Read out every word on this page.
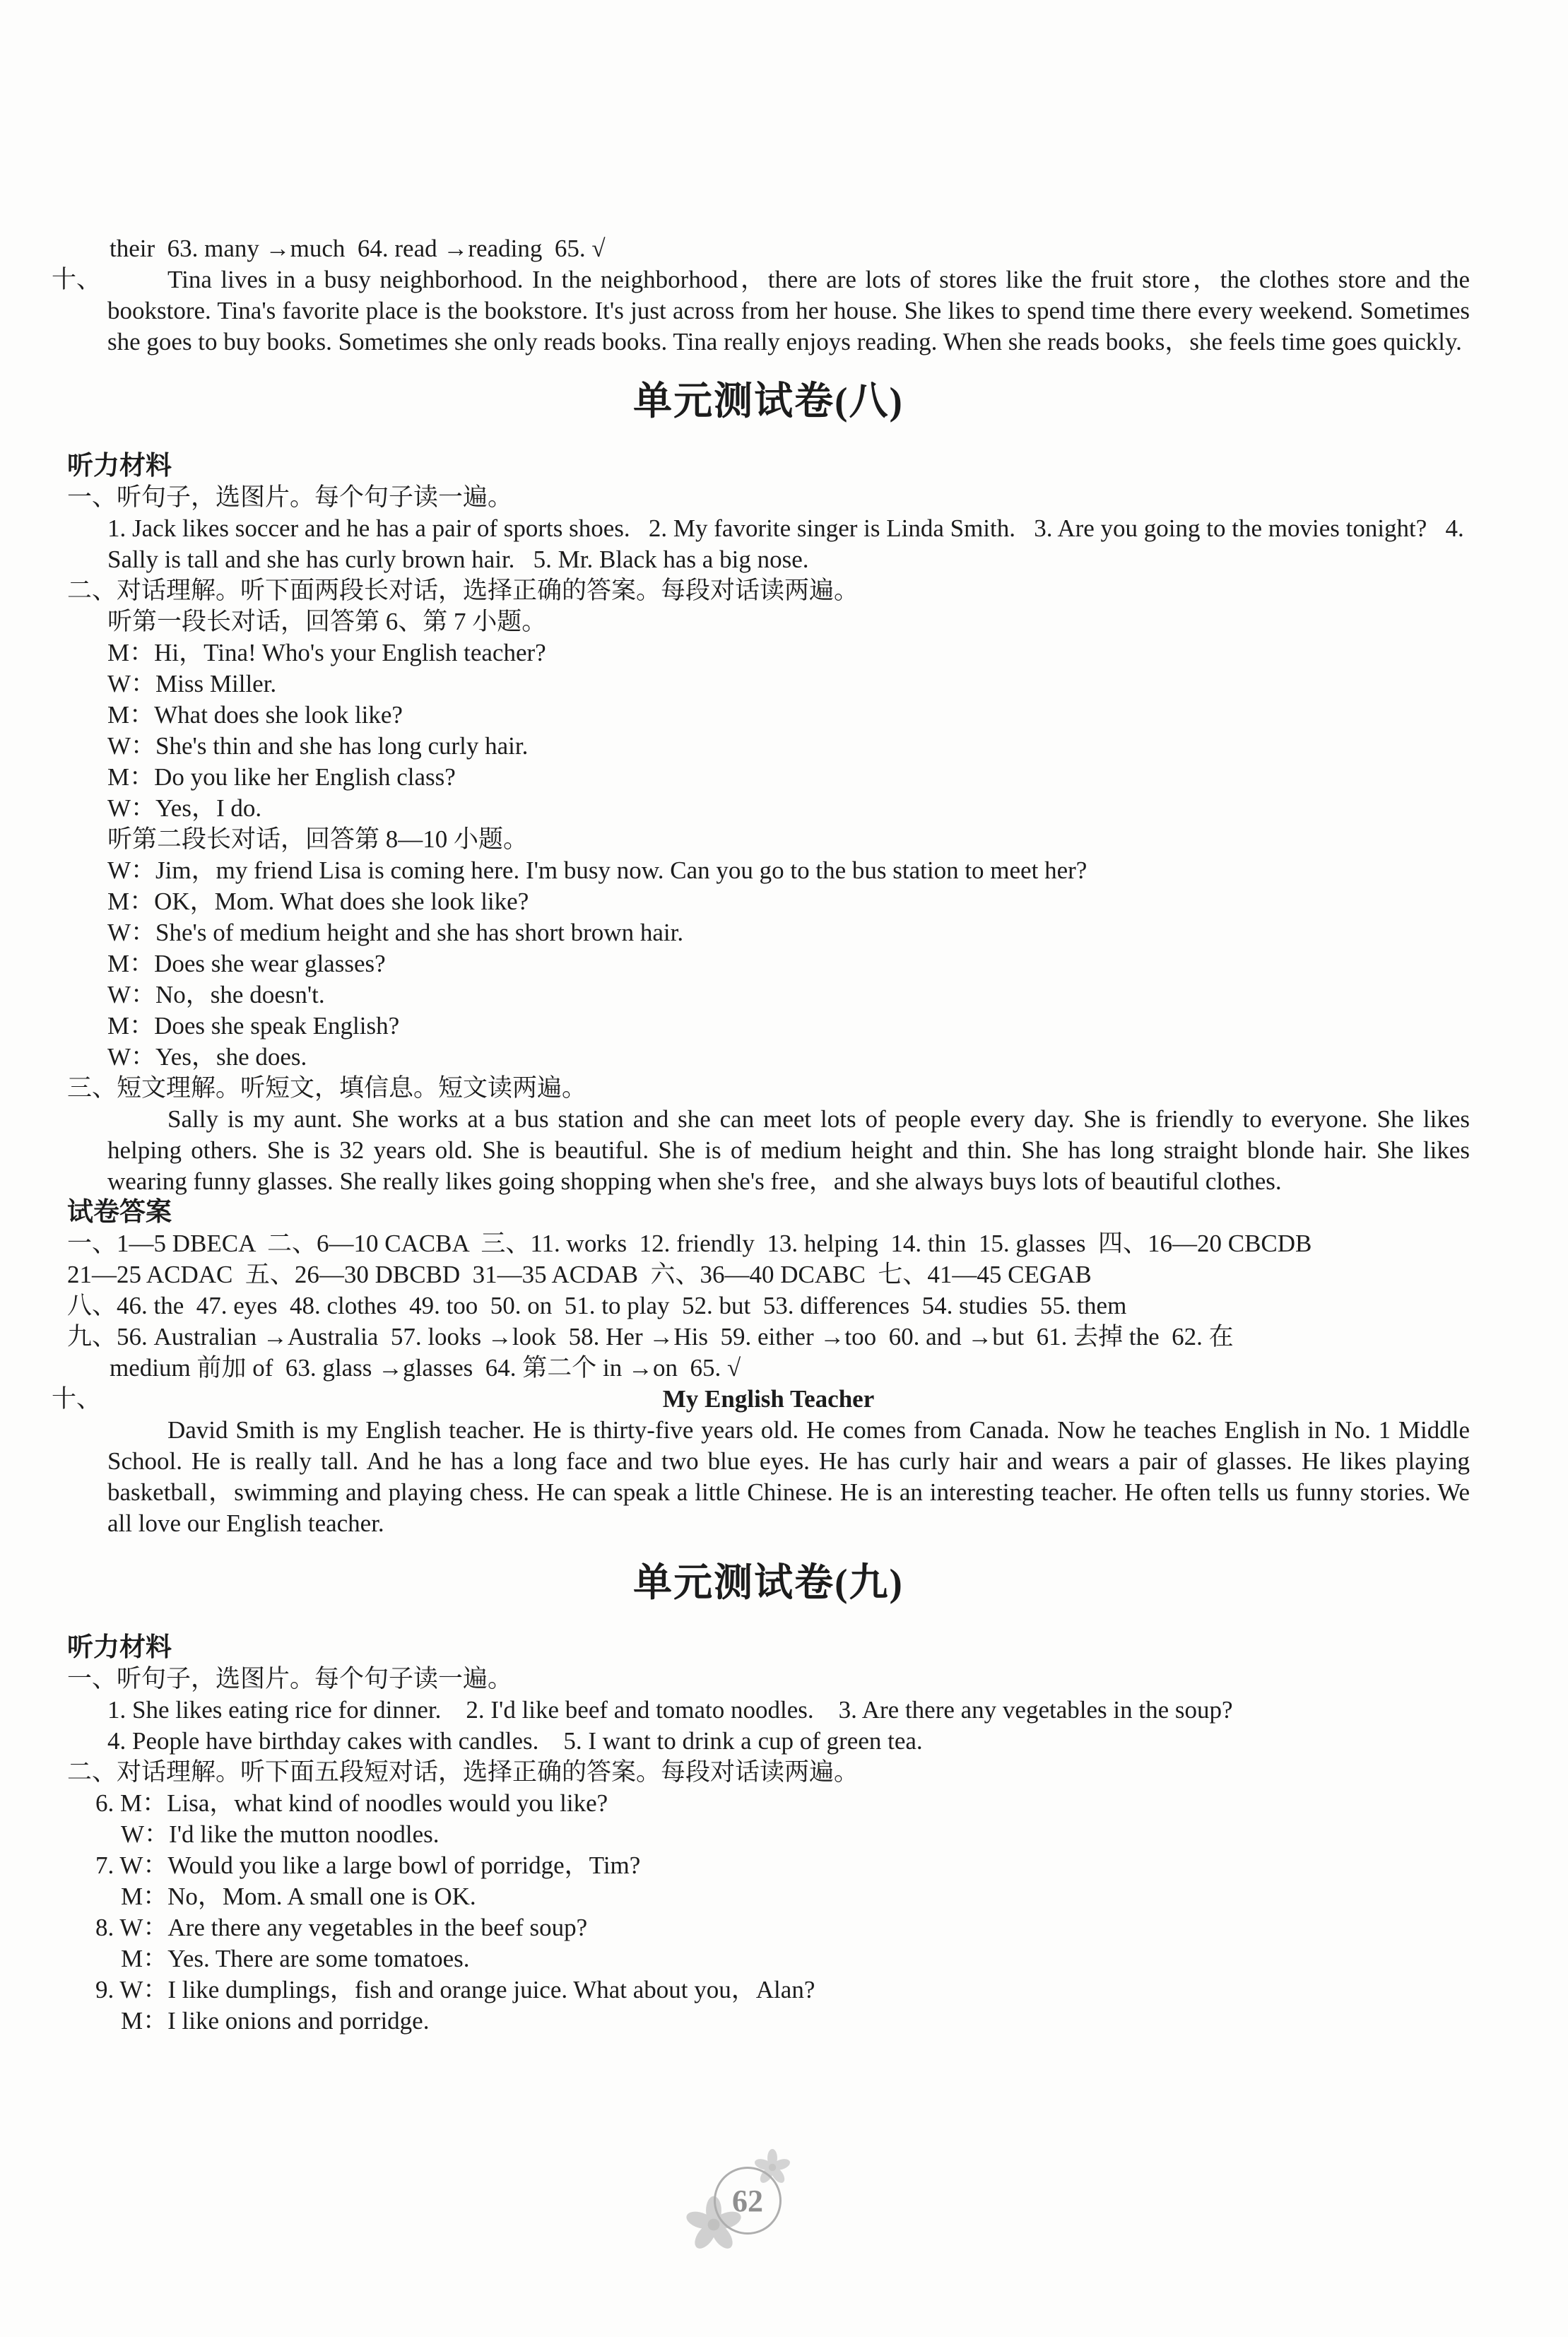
their  63. many →much  64. read →reading  65. √
十、	Tina lives in a busy neighborhood. In the neighborhood，there are lots of stores like the fruit store，the clothes store and the bookstore. Tina's favorite place is the bookstore. It's just across from her house. She likes to spend time there every weekend. Sometimes she goes to buy books. Sometimes she only reads books. Tina really enjoys reading. When she reads books，she feels time goes quickly.
单元测试卷(八)
听力材料
一、听句子，选图片。每个句子读一遍。
1. Jack likes soccer and he has a pair of sports shoes.   2. My favorite singer is Linda Smith.   3. Are you going to the movies tonight?   4. Sally is tall and she has curly brown hair.   5. Mr. Black has a big nose.
二、对话理解。听下面两段长对话，选择正确的答案。每段对话读两遍。
听第一段长对话，回答第 6、第 7 小题。
M：Hi，Tina! Who's your English teacher?
W：Miss Miller.
M：What does she look like?
W：She's thin and she has long curly hair.
M：Do you like her English class?
W：Yes，I do.
听第二段长对话，回答第 8—10 小题。
W：Jim，my friend Lisa is coming here. I'm busy now. Can you go to the bus station to meet her?
M：OK，Mom. What does she look like?
W：She's of medium height and she has short brown hair.
M：Does she wear glasses?
W：No，she doesn't.
M：Does she speak English?
W：Yes，she does.
三、短文理解。听短文，填信息。短文读两遍。
Sally is my aunt. She works at a bus station and she can meet lots of people every day. She is friendly to everyone. She likes helping others. She is 32 years old. She is beautiful. She is of medium height and thin. She has long straight blonde hair. She likes wearing funny glasses. She really likes going shopping when she's free，and she always buys lots of beautiful clothes.
试卷答案
一、1—5 DBECA  二、6—10 CACBA  三、11. works  12. friendly  13. helping  14. thin  15. glasses  四、16—20 CBCDB
21—25 ACDAC  五、26—30 DBCBD  31—35 ACDAB  六、36—40 DCABC  七、41—45 CEGAB
八、46. the  47. eyes  48. clothes  49. too  50. on  51. to play  52. but  53. differences  54. studies  55. them
九、56. Australian →Australia  57. looks →look  58. Her →His  59. either →too  60. and →but  61. 去掉 the  62. 在
medium 前加 of  63. glass →glasses  64. 第二个 in →on  65. √
十、	My English Teacher
David Smith is my English teacher. He is thirty-five years old. He comes from Canada. Now he teaches English in No. 1 Middle School. He is really tall. And he has a long face and two blue eyes. He has curly hair and wears a pair of glasses. He likes playing basketball，swimming and playing chess. He can speak a little Chinese. He is an interesting teacher. He often tells us funny stories. We all love our English teacher.
单元测试卷(九)
听力材料
一、听句子，选图片。每个句子读一遍。
1. She likes eating rice for dinner.    2. I'd like beef and tomato noodles.    3. Are there any vegetables in the soup?
4. People have birthday cakes with candles.    5. I want to drink a cup of green tea.
二、对话理解。听下面五段短对话，选择正确的答案。每段对话读两遍。
6. M：Lisa，what kind of noodles would you like?
W：I'd like the mutton noodles.
7. W：Would you like a large bowl of porridge，Tim?
M：No，Mom. A small one is OK.
8. W：Are there any vegetables in the beef soup?
M：Yes. There are some tomatoes.
9. W：I like dumplings，fish and orange juice. What about you，Alan?
M：I like onions and porridge.
62
